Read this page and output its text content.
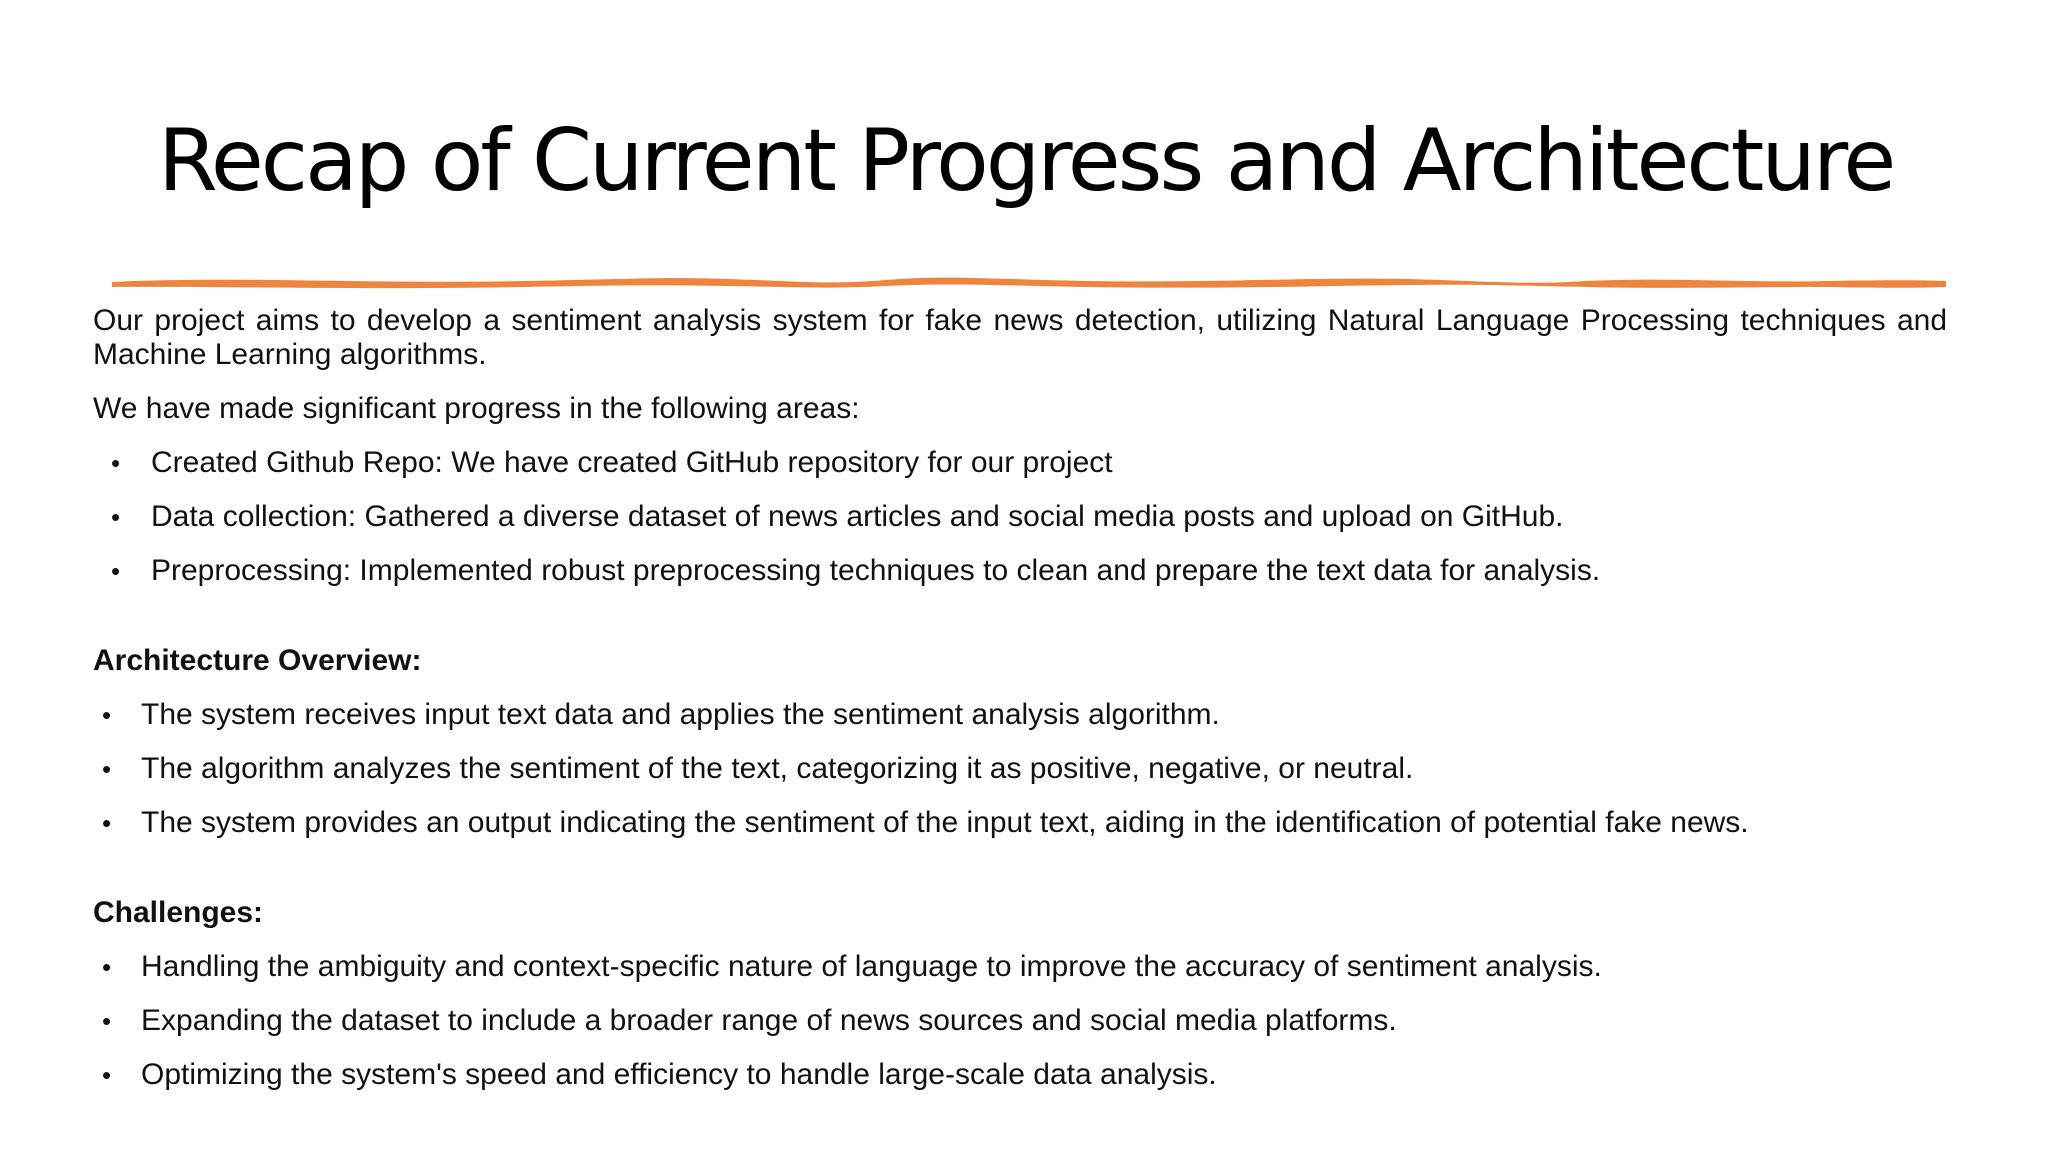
Recap of Current Progress and Architecture

Our project aims to develop a sentiment analysis system for fake news detection, utilizing Natural Language Processing techniques and Machine Learning algorithms.

We have made significant progress in the following areas:

• Created Github Repo: We have created GitHub repository for our project
• Data collection: Gathered a diverse dataset of news articles and social media posts and upload on GitHub.
• Preprocessing: Implemented robust preprocessing techniques to clean and prepare the text data for analysis.
Architecture Overview:
• The system receives input text data and applies the sentiment analysis algorithm.
• The algorithm analyzes the sentiment of the text, categorizing it as positive, negative, or neutral.
• The system provides an output indicating the sentiment of the input text, aiding in the identification of potential fake news.
Challenges:
• Handling the ambiguity and context-specific nature of language to improve the accuracy of sentiment analysis.
• Expanding the dataset to include a broader range of news sources and social media platforms.
• Optimizing the system's speed and efficiency to handle large-scale data analysis.
